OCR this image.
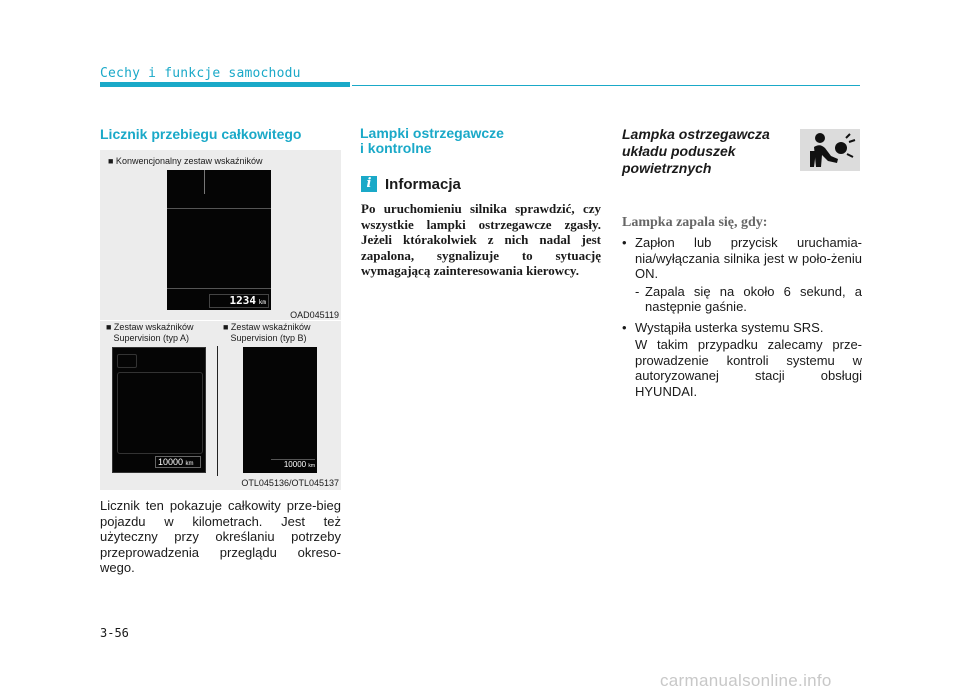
Cechy i funkcje samochodu
Licznik przebiegu całkowitego
■ Konwencjonalny zestaw wskaźników
1234 km
OAD045119
■ Zestaw wskaźników
Supervision (typ A)
■ Zestaw wskaźników
Supervision (typ B)
10000 km	10000 km
OTL045136/OTL045137
Licznik ten pokazuje całkowity prze-bieg pojazdu w kilometrach. Jest też użyteczny przy określaniu potrzeby przeprowadzenia przeglądu okreso-wego.
Lampki ostrzegawcze
i kontrolne
i Informacja
Po uruchomieniu silnika sprawdzić, czy wszystkie lampki ostrzegawcze zgasły. Jeżeli którakolwiek z nich nadal jest zapalona, sygnalizuje to sytuację wymagającą zainteresowania kierowcy.
Lampka ostrzegawcza
układu poduszek
powietrznych
Lampka zapala się, gdy:
• Zapłon lub przycisk uruchamia-nia/wyłączania silnika jest w poło-żeniu ON.
- Zapala się na około 6 sekund, a następnie gaśnie.
• Wystąpiła usterka systemu SRS.
W takim przypadku zalecamy prze-prowadzenie kontroli systemu w autoryzowanej stacji obsługi HYUNDAI.
3-56
carmanualsonline.info
